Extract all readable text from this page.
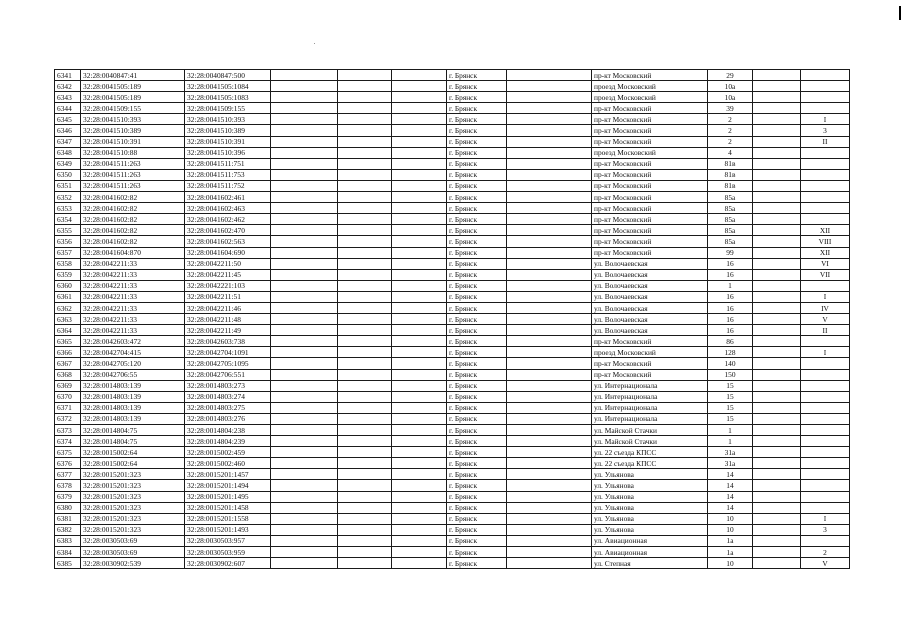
6341	32:28:0040847:41	32:28:0040847:500				г. Брянск		пр-кт Московский	29		
6342	32:28:0041505:189	32:28:0041505:1084				г. Брянск		проезд Московский	10а		
6343	32:28:0041505:189	32:28:0041505:1083				г. Брянск		проезд Московский	10а		
6344	32:28:0041509:155	32:28:0041509:155				г. Брянск		пр-кт Московский	39		
6345	32:28:0041510:393	32:28:0041510:393				г. Брянск		пр-кт Московский	2		I
6346	32:28:0041510:389	32:28:0041510:389				г. Брянск		пр-кт Московский	2		3
6347	32:28:0041510:391	32:28:0041510:391				г. Брянск		пр-кт Московский	2		II
6348	32:28:0041510:88	32:28:0041510:396				г. Брянск		проезд Московский	4		
6349	32:28:0041511:263	32:28:0041511:751				г. Брянск		пр-кт Московский	81в		
6350	32:28:0041511:263	32:28:0041511:753				г. Брянск		пр-кт Московский	81в		
6351	32:28:0041511:263	32:28:0041511:752				г. Брянск		пр-кт Московский	81в		
6352	32:28:0041602:82	32:28:0041602:461				г. Брянск		пр-кт Московский	85а		
6353	32:28:0041602:82	32:28:0041602:463				г. Брянск		пр-кт Московский	85а		
6354	32:28:0041602:82	32:28:0041602:462				г. Брянск		пр-кт Московский	85а		
6355	32:28:0041602:82	32:28:0041602:470				г. Брянск		пр-кт Московский	85а		XII
6356	32:28:0041602:82	32:28:0041602:563				г. Брянск		пр-кт Московский	85а		VIII
6357	32:28:0041604:870	32:28:0041604:690				г. Брянск		пр-кт Московский	99		XII
6358	32:28:0042211:33	32:28:0042211:50				г. Брянск		ул. Волочаевская	16		VI
6359	32:28:0042211:33	32:28:0042211:45				г. Брянск		ул. Волочаевская	16		VII
6360	32:28:0042211:33	32:28:0042221:103				г. Брянск		ул. Волочаевская	1		
6361	32:28:0042211:33	32:28:0042211:51				г. Брянск		ул. Волочаевская	16		I
6362	32:28:0042211:33	32:28:0042211:46				г. Брянск		ул. Волочаевская	16		IV
6363	32:28:0042211:33	32:28:0042211:48				г. Брянск		ул. Волочаевская	16		V
6364	32:28:0042211:33	32:28:0042211:49				г. Брянск		ул. Волочаевская	16		II
6365	32:28:0042603:472	32:28:0042603:738				г. Брянск		пр-кт Московский	86		
6366	32:28:0042704:415	32:28:0042704:1091				г. Брянск		проезд Московский	128		I
6367	32:28:0042705:120	32:28:0042705:1095				г. Брянск		пр-кт Московский	140		
6368	32:28:0042706:55	32:28:0042706:551				г. Брянск		пр-кт Московский	150		
6369	32:28:0014803:139	32:28:0014803:273				г. Брянск		ул. Интернационала	15		
6370	32:28:0014803:139	32:28:0014803:274				г. Брянск		ул. Интернационала	15		
6371	32:28:0014803:139	32:28:0014803:275				г. Брянск		ул. Интернационала	15		
6372	32:28:0014803:139	32:28:0014803:276				г. Брянск		ул. Интернационала	15		
6373	32:28:0014804:75	32:28:0014804:238				г. Брянск		ул. Майской Стачки	1		
6374	32:28:0014804:75	32:28:0014804:239				г. Брянск		ул. Майской Стачки	1		
6375	32:28:0015002:64	32:28:0015002:459				г. Брянск		ул. 22 съезда КПСС	31а		
6376	32:28:0015002:64	32:28:0015002:460				г. Брянск		ул. 22 съезда КПСС	31а		
6377	32:28:0015201:323	32:28:0015201:1457				г. Брянск		ул. Ульянова	14		
6378	32:28:0015201:323	32:28:0015201:1494				г. Брянск		ул. Ульянова	14		
6379	32:28:0015201:323	32:28:0015201:1495				г. Брянск		ул. Ульянова	14		
6380	32:28:0015201:323	32:28:0015201:1458				г. Брянск		ул. Ульянова	14		
6381	32:28:0015201:323	32:28:0015201:1558				г. Брянск		ул. Ульянова	10		I
6382	32:28:0015201:323	32:28:0015201:1493				г. Брянск		ул. Ульянова	10		3
6383	32:28:0030503:69	32:28:0030503:957				г. Брянск		ул. Авиационная	1а		
6384	32:28:0030503:69	32:28:0030503:959				г. Брянск		ул. Авиационная	1а		2
6385	32:28:0030902:539	32:28:0030902:607				г. Брянск		ул. Степная	10		V
